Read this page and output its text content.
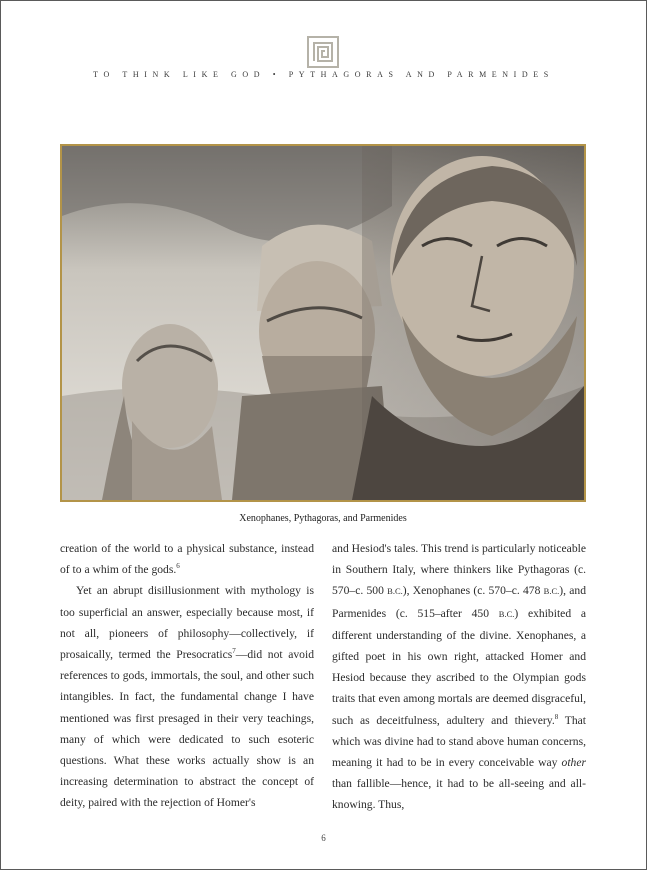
TO THINK LIKE GOD • PYTHAGORAS AND PARMENIDES
Xenophanes, Pythagoras, and Parmenides

creation of the world to a physical substance, instead of to a whim of the gods.$^6$

Yet an abrupt disillusionment with mythology is too superficial an answer, especially because most, if not all, pioneers of philosophy—collectively, if prosaically, termed the Presocratics$^7$—did not avoid references to gods, immortals, the soul, and other such intangibles. In fact, the fundamental change I have mentioned was first presaged in their very teachings, many of which were dedicated to such esoteric questions. What these works actually show is an increasing determination to abstract the concept of deity, paired with the rejection of Homer's

and Hesiod's tales. This trend is particularly noticeable in Southern Italy, where thinkers like Pythagoras (c. 570–c. 500 B.C.), Xenophanes (c. 570–c. 478 B.C.), and Parmenides (c. 515–after 450 B.C.) exhibited a different understanding of the divine. Xenophanes, a gifted poet in his own right, attacked Homer and Hesiod because they ascribed to the Olympian gods traits that even among mortals are deemed disgraceful, such as deceitfulness, adultery and thievery.$^8$ That which was divine had to stand above human concerns, meaning it had to be in every conceivable way other than fallible—hence, it had to be all-seeing and all-knowing. Thus,

6
